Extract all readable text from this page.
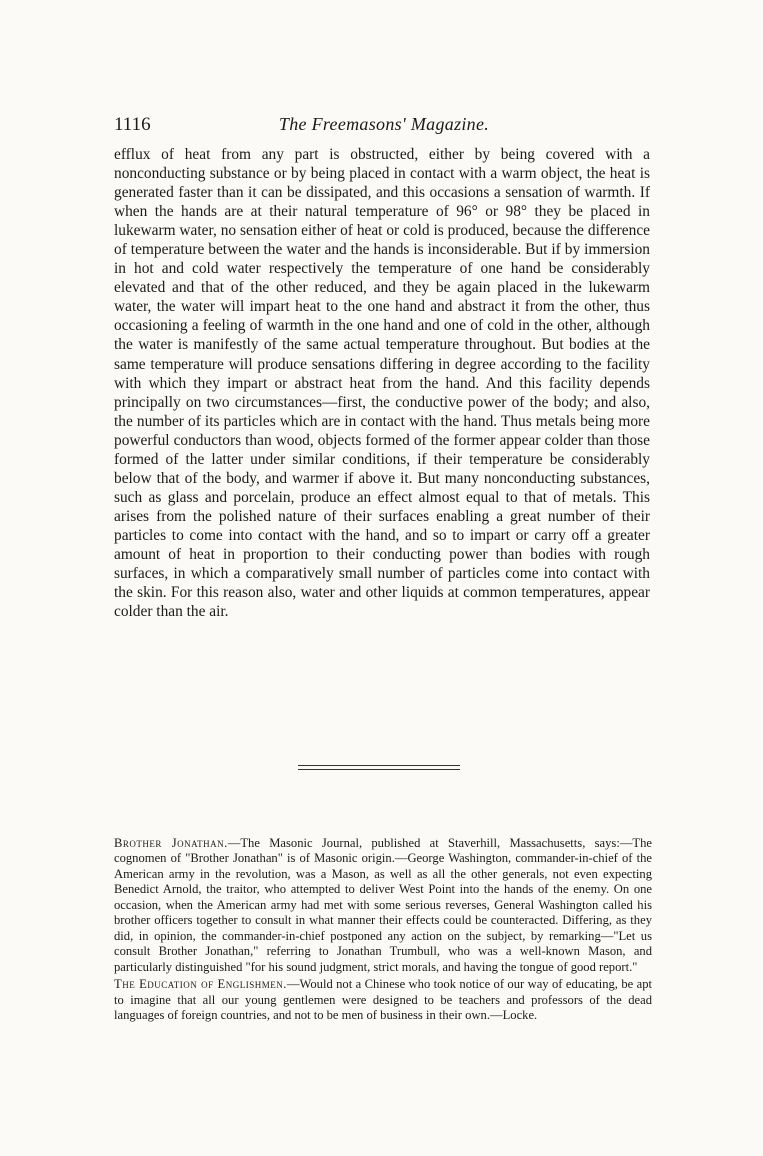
1116	The Freemasons' Magazine.

efflux of heat from any part is obstructed, either by being covered with a nonconducting substance or by being placed in contact with a warm object, the heat is generated faster than it can be dissipated, and this occasions a sensation of warmth. If when the hands are at their natural temperature of 96° or 98° they be placed in lukewarm water, no sensation either of heat or cold is produced, because the difference of temperature between the water and the hands is inconsiderable. But if by immersion in hot and cold water respectively the temperature of one hand be considerably elevated and that of the other reduced, and they be again placed in the lukewarm water, the water will impart heat to the one hand and abstract it from the other, thus occasioning a feeling of warmth in the one hand and one of cold in the other, although the water is manifestly of the same actual temperature throughout. But bodies at the same temperature will produce sensations differing in degree according to the facility with which they impart or abstract heat from the hand. And this facility depends principally on two circumstances—first, the conductive power of the body; and also, the number of its particles which are in contact with the hand. Thus metals being more powerful conductors than wood, objects formed of the former appear colder than those formed of the latter under similar conditions, if their temperature be considerably below that of the body, and warmer if above it. But many nonconducting substances, such as glass and porcelain, produce an effect almost equal to that of metals. This arises from the polished nature of their surfaces enabling a great number of their particles to come into contact with the hand, and so to impart or carry off a greater amount of heat in proportion to their conducting power than bodies with rough surfaces, in which a comparatively small number of particles come into contact with the skin. For this reason also, water and other liquids at common temperatures, appear colder than the air.

Brother Jonathan.—The Masonic Journal, published at Staverhill, Massachusetts, says:—The cognomen of "Brother Jonathan" is of Masonic origin.—George Washington, commander-in-chief of the American army in the revolution, was a Mason, as well as all the other generals, not even expecting Benedict Arnold, the traitor, who attempted to deliver West Point into the hands of the enemy. On one occasion, when the American army had met with some serious reverses, General Washington called his brother officers together to consult in what manner their effects could be counteracted. Differing, as they did, in opinion, the commander-in-chief postponed any action on the subject, by remarking—"Let us consult Brother Jonathan," referring to Jonathan Trumbull, who was a well-known Mason, and particularly distinguished "for his sound judgment, strict morals, and having the tongue of good report."

The Education of Englishmen.—Would not a Chinese who took notice of our way of educating, be apt to imagine that all our young gentlemen were designed to be teachers and professors of the dead languages of foreign countries, and not to be men of business in their own.—Locke.
